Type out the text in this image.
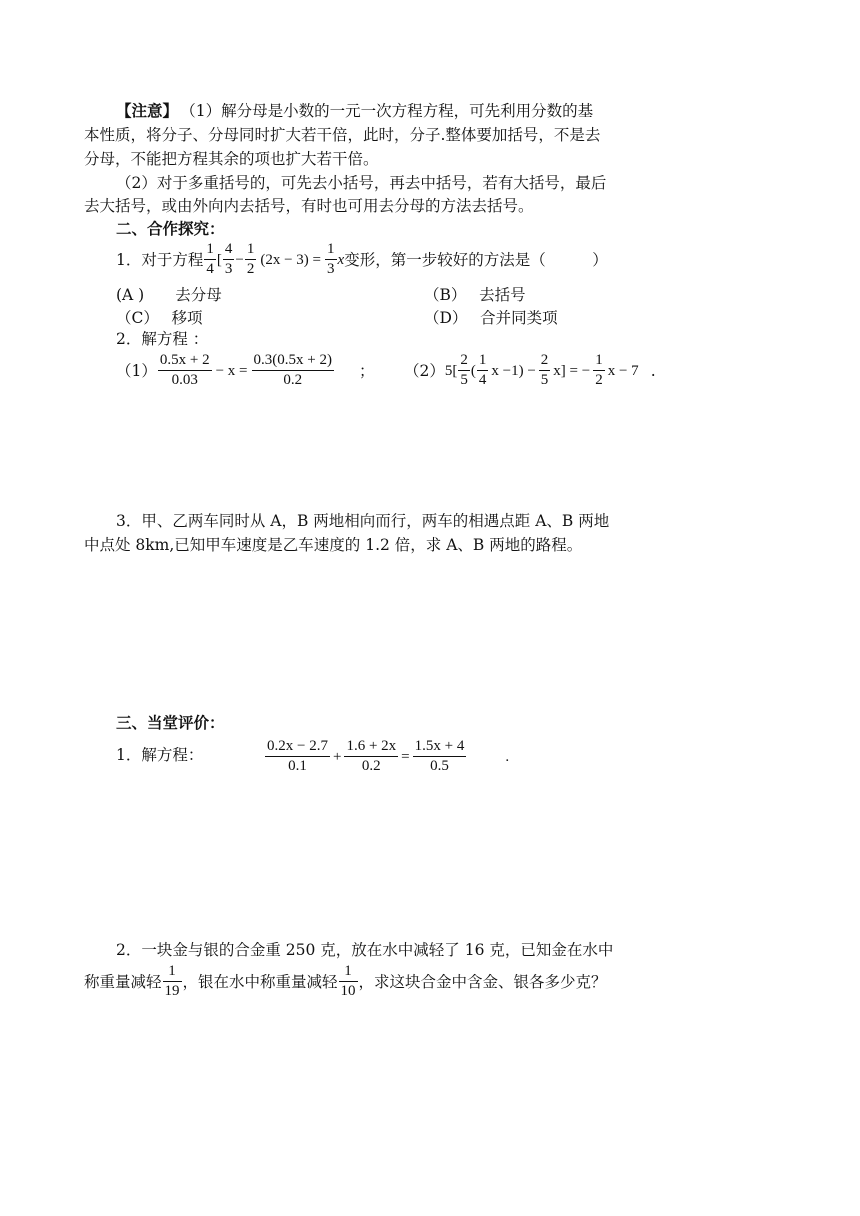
【注意】 （1）解分母是小数的一元一次方程方程，可先利用分数的基
本性质，将分子、分母同时扩大若干倍，此时，分子.整体要加括号，不是去
分母，不能把方程其余的项也扩大若干倍。
（2）对于多重括号的，可先去小括号，再去中括号，若有大括号，最后
去大括号，或由外向内去括号，有时也可用去分母的方法去括号。
二、合作探究：
1．对于方程 $\frac{1}{4}$ [ $\frac{4}{3} - \frac{1}{2} (2x - 3) = \frac{1}{3}$ x 变形，第一步较好的方法是（　　　）
(A )　　去分母	（B）　 去括号
（C）　 移项	（D）　 合并同类项
2．解方程 ：
$(1) \frac{0.5x + 2}{0.03} - x = \frac{0.3(0.5x + 2)}{0.2}$ ； （2） $5[ \frac{2}{5}$ ( $\frac{1}{4}$ $x -1) - \frac{2}{5} x$] = − $\frac{1}{2}$ x − 7 .
3．甲、乙两车同时从 A，B 两地相向而行，两车的相遇点距 A、B 两地
中点处 8km,已知甲车速度是乙车速度的 1.2 倍，求 A、B 两地的路程。
三、当堂评价：
1．解方程：	$\frac{0.2x - 2.7}{0.1} + \frac{1.6 + 2x}{0.2} = \frac{1.5x + 4}{0.5}$	.
2．一块金与银的合金重 250 克，放在水中减轻了 16 克，已知金在水中
称重量减轻 $\frac{1}{19}$ ，银在水中称重量减轻 $\frac{1}{10}$ ，求这块合金中含金、银各多少克？
